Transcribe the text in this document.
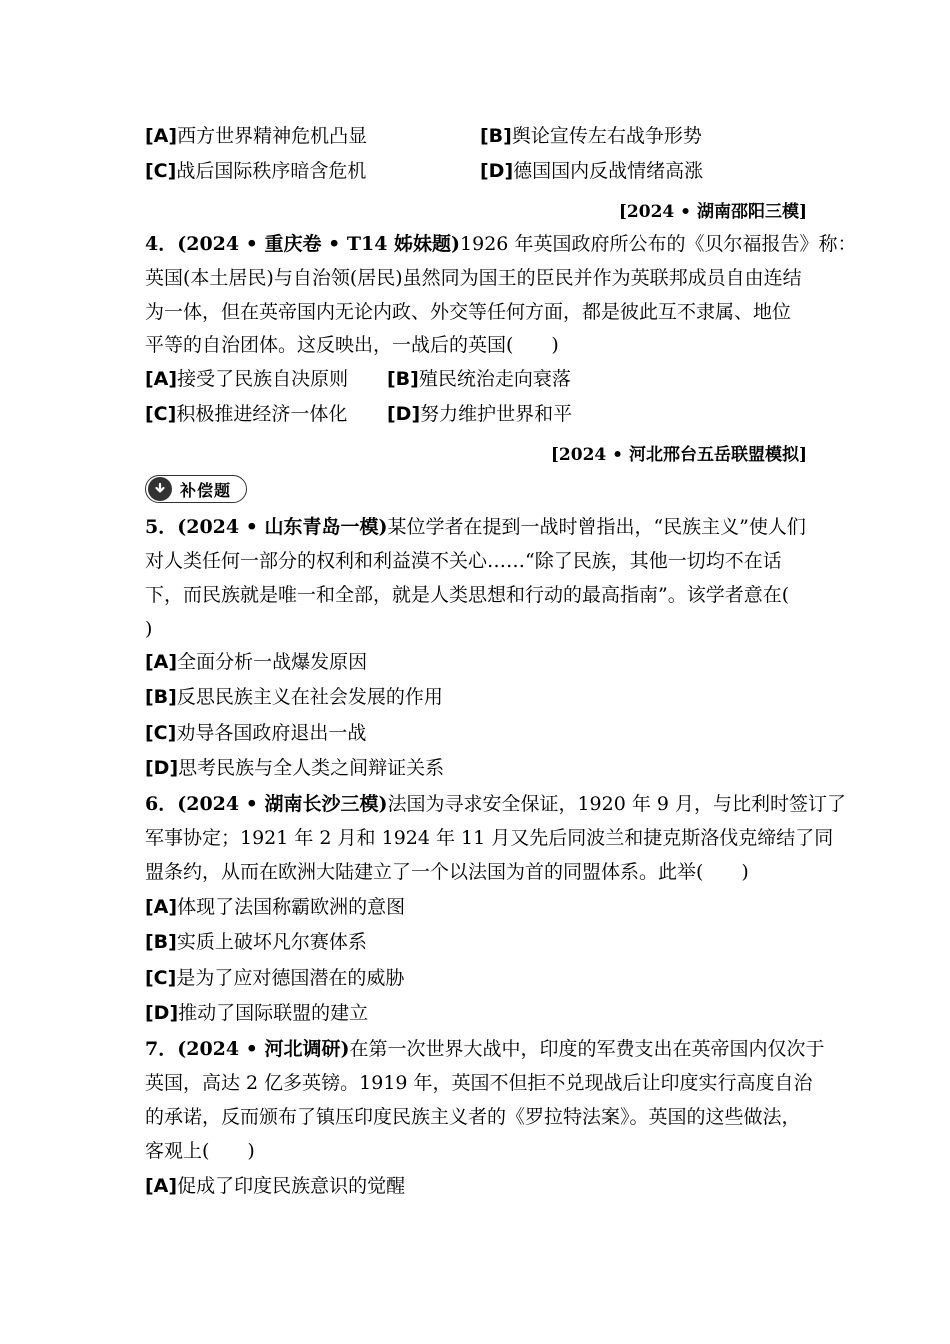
[A]西方世界精神危机凸显	[B]舆论宣传左右战争形势
[C]战后国际秩序暗含危机	[D]德国国内反战情绪高涨
[2024 • 湖南邵阳三模]
4．(2024 • 重庆卷 • T14 姊妹题)1926 年英国政府所公布的《贝尔福报告》称：
英国(本土居民)与自治领(居民)虽然同为国王的臣民并作为英联邦成员自由连结
为一体，但在英帝国内无论内政、外交等任何方面，都是彼此互不隶属、地位
平等的自治团体。这反映出，一战后的英国(　　)
[A]接受了民族自决原则 [B]殖民统治走向衰落
[C]积极推进经济一体化 [D]努力维护世界和平
[2024 • 河北邢台五岳联盟模拟]
补偿题
5．(2024 • 山东青岛一模)某位学者在提到一战时曾指出，“民族主义”使人们
对人类任何一部分的权利和利益漠不关心……“除了民族，其他一切均不在话
下，而民族就是唯一和全部，就是人类思想和行动的最高指南”。该学者意在(
)
[A]全面分析一战爆发原因
[B]反思民族主义在社会发展的作用
[C]劝导各国政府退出一战
[D]思考民族与全人类之间辩证关系
6．(2024 • 湖南长沙三模)法国为寻求安全保证，1920 年 9 月，与比利时签订了
军事协定；1921 年 2 月和 1924 年 11 月又先后同波兰和捷克斯洛伐克缔结了同
盟条约，从而在欧洲大陆建立了一个以法国为首的同盟体系。此举(　　)
[A]体现了法国称霸欧洲的意图
[B]实质上破坏凡尔赛体系
[C]是为了应对德国潜在的威胁
[D]推动了国际联盟的建立
7．(2024 • 河北调研)在第一次世界大战中，印度的军费支出在英帝国内仅次于
英国，高达 2 亿多英镑。1919 年，英国不但拒不兑现战后让印度实行高度自治
的承诺，反而颁布了镇压印度民族主义者的《罗拉特法案》。英国的这些做法，
客观上(　　)
[A]促成了印度民族意识的觉醒
